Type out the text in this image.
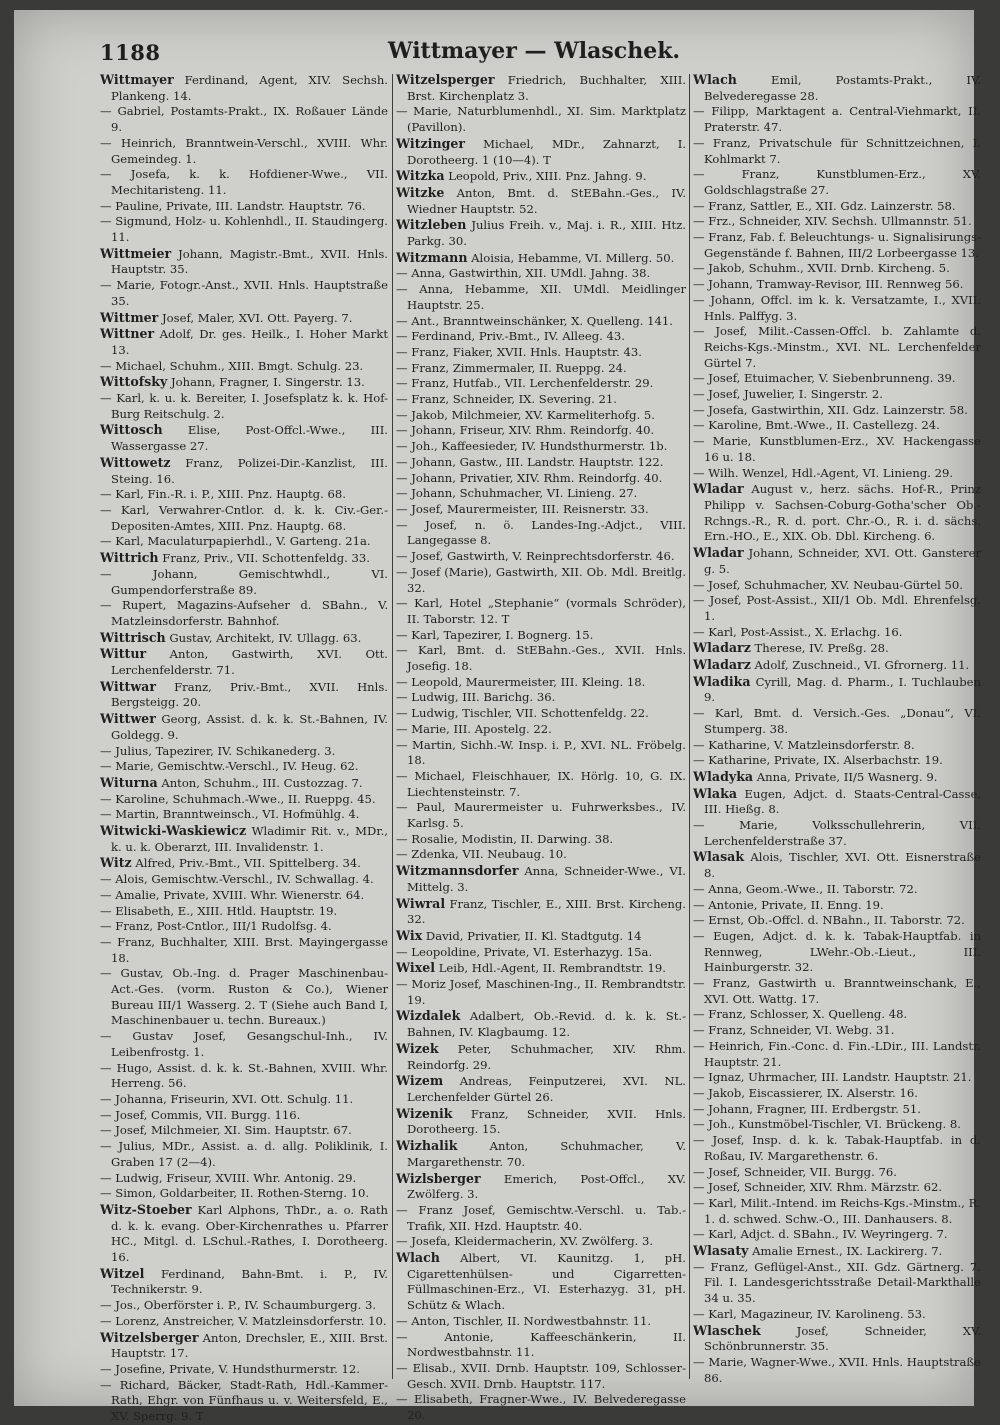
1188	Wittmayer — Wlaschek.

Wittmayer Ferdinand, Agent, XIV. Sechsh. Plankeng. 14.

— Gabriel, Postamts-Prakt., IX. Roßauer Lände 9.

— Heinrich, Branntwein-Verschl., XVIII. Whr. Gemeindeg. 1.

— Josefa, k. k. Hofdiener-Wwe., VII. Mechitaristeng. 11.

— Pauline, Private, III. Landstr. Hauptstr. 76.

— Sigmund, Holz- u. Kohlenhdl., II. Staudingerg. 11.

Wittmeier Johann, Magistr.-Bmt., XVII. Hnls. Hauptstr. 35.

— Marie, Fotogr.-Anst., XVII. Hnls. Hauptstraße 35.

Wittmer Josef, Maler, XVI. Ott. Payerg. 7.

Wittner Adolf, Dr. ges. Heilk., I. Hoher Markt 13.

— Michael, Schuhm., XIII. Bmgt. Schulg. 23.

Wittofsky Johann, Fragner, I. Singerstr. 13.

— Karl, k. u. k. Bereiter, I. Josefsplatz k. k. Hof-Burg Reitschulg. 2.

Wittosch Elise, Post-Offcl.-Wwe., III. Wassergasse 27.

Wittowetz Franz, Polizei-Dir.-Kanzlist, III. Steing. 16.

— Karl, Fin.-R. i. P., XIII. Pnz. Hauptg. 68.

— Karl, Verwahrer-Cntlor. d. k. k. Civ.-Ger.-Depositen-Amtes, XIII. Pnz. Hauptg. 68.

— Karl, Maculaturpapierhdl., V. Garteng. 21a.

Wittrich Franz, Priv., VII. Schottenfeldg. 33.

— Johann, Gemischtwhdl., VI. Gumpendorferstraße 89.

— Rupert, Magazins-Aufseher d. SBahn., V. Matzleinsdorferstr. Bahnhof.

Wittrisch Gustav, Architekt, IV. Ullagg. 63.

Wittur Anton, Gastwirth, XVI. Ott. Lerchenfelderstr. 71.

Wittwar Franz, Priv.-Bmt., XVII. Hnls. Bergsteigg. 20.

Wittwer Georg, Assist. d. k. k. St.-Bahnen, IV. Goldegg. 9.

— Julius, Tapezirer, IV. Schikanederg. 3.

— Marie, Gemischtw.-Verschl., IV. Heug. 62.

Witurna Anton, Schuhm., III. Custozzag. 7.

— Karoline, Schuhmach.-Wwe., II. Rueppg. 45.

— Martin, Branntweinsch., VI. Hofmühlg. 4.

Witwicki-Waskiewicz Wladimir Rit. v., MDr., k. u. k. Oberarzt, III. Invalidenstr. 1.

Witz Alfred, Priv.-Bmt., VII. Spittelberg. 34.

— Alois, Gemischtw.-Verschl., IV. Schwallag. 4.

— Amalie, Private, XVIII. Whr. Wienerstr. 64.

— Elisabeth, E., XIII. Htld. Hauptstr. 19.

— Franz, Post-Cntlor., III/1 Rudolfsg. 4.

— Franz, Buchhalter, XIII. Brst. Mayingergasse 18.

— Gustav, Ob.-Ing. d. Prager Maschinenbau-Act.-Ges. (vorm. Ruston & Co.), Wiener Bureau III/1 Wasserg. 2. T (Siehe auch Band I, Maschinenbauer u. techn. Bureaux.)

— Gustav Josef, Gesangschul-Inh., IV. Leibenfrostg. 1.

— Hugo, Assist. d. k. k. St.-Bahnen, XVIII. Whr. Herreng. 56.

— Johanna, Friseurin, XVI. Ott. Schulg. 11.

— Josef, Commis, VII. Burgg. 116.

— Josef, Milchmeier, XI. Sim. Hauptstr. 67.

— Julius, MDr., Assist. a. d. allg. Poliklinik, I. Graben 17 (2—4).

— Ludwig, Friseur, XVIII. Whr. Antonig. 29.

— Simon, Goldarbeiter, II. Rothen-Sterng. 10.

Witz-Stoeber Karl Alphons, ThDr., a. o. Rath d. k. k. evang. Ober-Kirchenrathes u. Pfarrer HC., Mitgl. d. LSchul.-Rathes, I. Dorotheerg. 16.

Witzel Ferdinand, Bahn-Bmt. i. P., IV. Technikerstr. 9.

— Jos., Oberförster i. P., IV. Schaumburgerg. 3.

— Lorenz, Anstreicher, V. Matzleinsdorferstr. 10.

Witzelsberger Anton, Drechsler, E., XIII. Brst. Hauptstr. 17.

— Josefine, Private, V. Hundsthurmerstr. 12.

— Richard, Bäcker, Stadt-Rath, Hdl.-Kammer-Rath, Ehgr. von Fünfhaus u. v. Weitersfeld, E., XV. Sperrg. 9. T

Witzelsperger Friedrich, Buchhalter, XIII. Brst. Kirchenplatz 3.

— Marie, Naturblumenhdl., XI. Sim. Marktplatz (Pavillon).

Witzinger Michael, MDr., Zahnarzt, I. Dorotheerg. 1 (10—4). T

Witzka Leopold, Priv., XIII. Pnz. Jahng. 9.

Witzke Anton, Bmt. d. StEBahn.-Ges., IV. Wiedner Hauptstr. 52.

Witzleben Julius Freih. v., Maj. i. R., XIII. Htz. Parkg. 30.

Witzmann Aloisia, Hebamme, VI. Millerg. 50.

— Anna, Gastwirthin, XII. UMdl. Jahng. 38.

— Anna, Hebamme, XII. UMdl. Meidlinger Hauptstr. 25.

— Ant., Branntweinschänker, X. Quelleng. 141.

— Ferdinand, Priv.-Bmt., IV. Alleeg. 43.

— Franz, Fiaker, XVII. Hnls. Hauptstr. 43.

— Franz, Zimmermaler, II. Rueppg. 24.

— Franz, Hutfab., VII. Lerchenfelderstr. 29.

— Franz, Schneider, IX. Severing. 21.

— Jakob, Milchmeier, XV. Karmeliterhofg. 5.

— Johann, Friseur, XIV. Rhm. Reindorfg. 40.

— Joh., Kaffeesieder, IV. Hundsthurmerstr. 1b.

— Johann, Gastw., III. Landstr. Hauptstr. 122.

— Johann, Privatier, XIV. Rhm. Reindorfg. 40.

— Johann, Schuhmacher, VI. Linieng. 27.

— Josef, Maurermeister, III. Reisnerstr. 33.

— Josef, n. ö. Landes-Ing.-Adjct., VIII. Langegasse 8.

— Josef, Gastwirth, V. Reinprechtsdorferstr. 46.

— Josef (Marie), Gastwirth, XII. Ob. Mdl. Breitlg. 32.

— Karl, Hotel „Stephanie“ (vormals Schröder), II. Taborstr. 12. T

— Karl, Tapezirer, I. Bognerg. 15.

— Karl, Bmt. d. StEBahn.-Ges., XVII. Hnls. Josefig. 18.

— Leopold, Maurermeister, III. Kleing. 18.

— Ludwig, III. Barichg. 36.

— Ludwig, Tischler, VII. Schottenfeldg. 22.

— Marie, III. Apostelg. 22.

— Martin, Sichh.-W. Insp. i. P., XVI. NL. Fröbelg. 18.

— Michael, Fleischhauer, IX. Hörlg. 10, G. IX. Liechtensteinstr. 7.

— Paul, Maurermeister u. Fuhrwerksbes., IV. Karlsg. 5.

— Rosalie, Modistin, II. Darwing. 38.

— Zdenka, VII. Neubaug. 10.

Witzmannsdorfer Anna, Schneider-Wwe., VI. Mittelg. 3.

Wiwral Franz, Tischler, E., XIII. Brst. Kircheng. 32.

Wix David, Privatier, II. Kl. Stadtgutg. 14

— Leopoldine, Private, VI. Esterhazyg. 15a.

Wixel Leib, Hdl.-Agent, II. Rembrandtstr. 19.

— Moriz Josef, Maschinen-Ing., II. Rembrandtstr. 19.

Wizdalek Adalbert, Ob.-Revid. d. k. k. St.-Bahnen, IV. Klagbaumg. 12.

Wizek Peter, Schuhmacher, XIV. Rhm. Reindorfg. 29.

Wizem Andreas, Feinputzerei, XVI. NL. Lerchenfelder Gürtel 26.

Wizenik Franz, Schneider, XVII. Hnls. Dorotheerg. 15.

Wizhalik Anton, Schuhmacher, V. Margarethenstr. 70.

Wizlsberger Emerich, Post-Offcl., XV. Zwölferg. 3.

— Franz Josef, Gemischtw.-Verschl. u. Tab.-Trafik, XII. Hzd. Hauptstr. 40.

— Josefa, Kleidermacherin, XV. Zwölferg. 3.

Wlach Albert, VI. Kaunitzg. 1, pH. Cigarettenhülsen- und Cigarretten-Füllmaschinen-Erz., VI. Esterhazyg. 31, pH. Schütz & Wlach.

— Anton, Tischler, II. Nordwestbahnstr. 11.

— Antonie, Kaffeeschänkerin, II. Nordwestbahnstr. 11.

— Elisab., XVII. Drnb. Hauptstr. 109, Schlosser-Gesch. XVII. Drnb. Hauptstr. 117.

— Elisabeth, Fragner-Wwe., IV. Belvederegasse 20.

Wlach Emil, Postamts-Prakt., IV. Belvederegasse 28.

— Filipp, Marktagent a. Central-Viehmarkt, II. Praterstr. 47.

— Franz, Privatschule für Schnittzeichnen, I. Kohlmarkt 7.

— Franz, Kunstblumen-Erz., XV. Goldschlagstraße 27.

— Franz, Sattler, E., XII. Gdz. Lainzerstr. 58.

— Frz., Schneider, XIV. Sechsh. Ullmannstr. 51.

— Franz, Fab. f. Beleuchtungs- u. Signalisirungs-Gegenstände f. Bahnen, III/2 Lorbeergasse 13.

— Jakob, Schuhm., XVII. Drnb. Kircheng. 5.

— Johann, Tramway-Revisor, III. Rennweg 56.

— Johann, Offcl. im k. k. Versatzamte, I., XVII. Hnls. Palffyg. 3.

— Josef, Milit.-Cassen-Offcl. b. Zahlamte d. Reichs-Kgs.-Minstm., XVI. NL. Lerchenfelder Gürtel 7.

— Josef, Etuimacher, V. Siebenbrunneng. 39.

— Josef, Juwelier, I. Singerstr. 2.

— Josefa, Gastwirthin, XII. Gdz. Lainzerstr. 58.

— Karoline, Bmt.-Wwe., II. Castellezg. 24.

— Marie, Kunstblumen-Erz., XV. Hackengasse 16 u. 18.

— Wilh. Wenzel, Hdl.-Agent, VI. Linieng. 29.

Wladar August v., herz. sächs. Hof-R., Prinz Philipp v. Sachsen-Coburg-Gotha'scher Ob.-Rchngs.-R., R. d. port. Chr.-O., R. i. d. sächs. Ern.-HO., E., XIX. Ob. Dbl. Kircheng. 6.

Wladar Johann, Schneider, XVI. Ott. Gansterer g. 5.

— Josef, Schuhmacher, XV. Neubau-Gürtel 50.

— Josef, Post-Assist., XII/1 Ob. Mdl. Ehrenfelsg. 1.

— Karl, Post-Assist., X. Erlachg. 16.

Wladarz Therese, IV. Preßg. 28.

Wladarz Adolf, Zuschneid., VI. Gfrornerg. 11.

Wladika Cyrill, Mag. d. Pharm., I. Tuchlauben 9.

— Karl, Bmt. d. Versich.-Ges. „Donau“, VI. Stumperg. 38.

— Katharine, V. Matzleinsdorferstr. 8.

— Katharine, Private, IX. Alserbachstr. 19.

Wladyka Anna, Private, II/5 Wasnerg. 9.

Wlaka Eugen, Adjct. d. Staats-Central-Casse, III. Hießg. 8.

— Marie, Volksschullehrerin, VII. Lerchenfelderstraße 37.

Wlasak Alois, Tischler, XVI. Ott. Eisnerstraße 8.

— Anna, Geom.-Wwe., II. Taborstr. 72.

— Antonie, Private, II. Enng. 19.

— Ernst, Ob.-Offcl. d. NBahn., II. Taborstr. 72.

— Eugen, Adjct. d. k. k. Tabak-Hauptfab. in Rennweg, LWehr.-Ob.-Lieut., III. Hainburgerstr. 32.

— Franz, Gastwirth u. Branntweinschank, E., XVI. Ott. Wattg. 17.

— Franz, Schlosser, X. Quelleng. 48.

— Franz, Schneider, VI. Webg. 31.

— Heinrich, Fin.-Conc. d. Fin.-LDir., III. Landstr. Hauptstr. 21.

— Ignaz, Uhrmacher, III. Landstr. Hauptstr. 21.

— Jakob, Eiscassierer, IX. Alserstr. 16.

— Johann, Fragner, III. Erdbergstr. 51.

— Joh., Kunstmöbel-Tischler, VI. Brückeng. 8.

— Josef, Insp. d. k. k. Tabak-Hauptfab. in d. Roßau, IV. Margarethenstr. 6.

— Josef, Schneider, VII. Burgg. 76.

— Josef, Schneider, XIV. Rhm. Märzstr. 62.

— Karl, Milit.-Intend. im Reichs-Kgs.-Minstm., R. 1. d. schwed. Schw.-O., III. Danhausers. 8.

— Karl, Adjct. d. SBahn., IV. Weyringerg. 7.

Wlasaty Amalie Ernest., IX. Lackirerg. 7.

— Franz, Geflügel-Anst., XII. Gdz. Gärtnerg. 7. Fil. I. Landesgerichtsstraße Detail-Markthalle 34 u. 35.

— Karl, Magazineur, IV. Karolineng. 53.

Wlaschek Josef, Schneider, XV. Schönbrunnerstr. 35.

— Marie, Wagner-Wwe., XVII. Hnls. Hauptstraße 86.
